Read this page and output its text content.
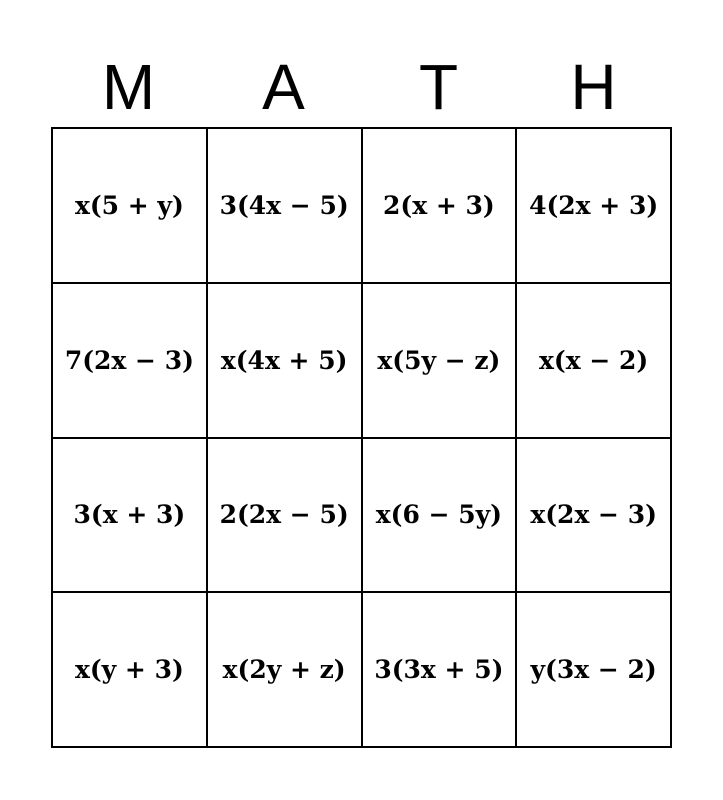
M	A	T	H
x(5 + y)	3(4x − 5)	2(x + 3)	4(2x + 3)
7(2x − 3)	x(4x + 5)	x(5y − z)	x(x − 2)
3(x + 3)	2(2x − 5)	x(6 − 5y)	x(2x − 3)
x(y + 3)	x(2y + z)	3(3x + 5)	y(3x − 2)
